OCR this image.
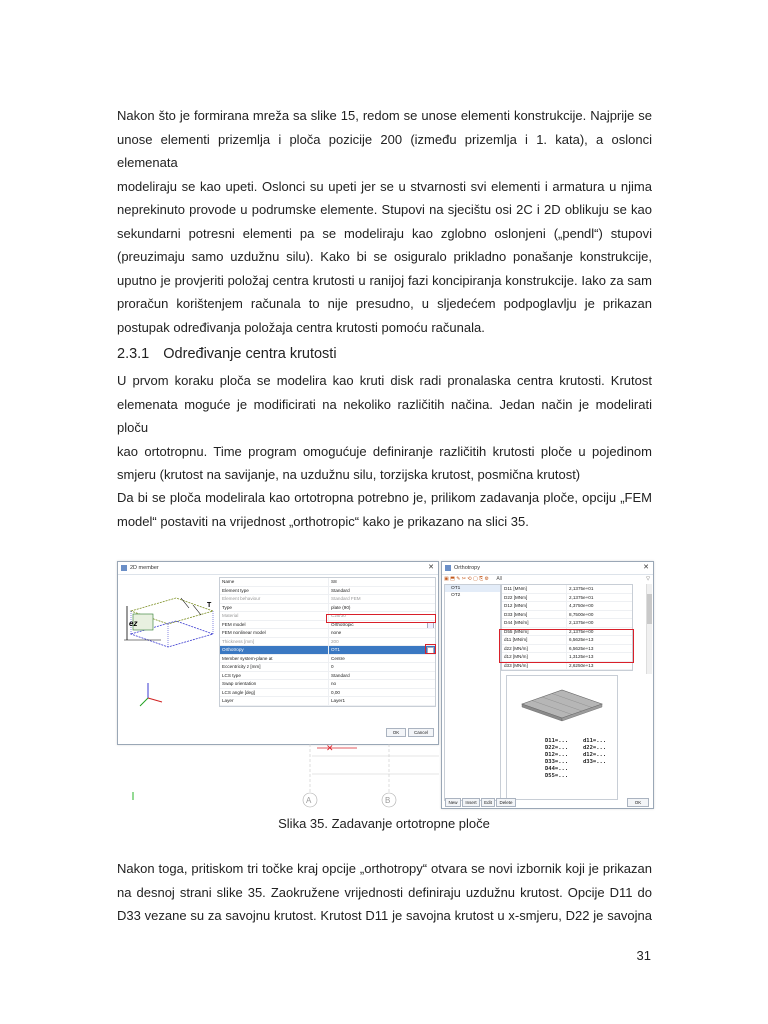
Nakon što je formirana mreža sa slike 15, redom se unose elementi konstrukcije. Najprije se
unose elementi prizemlja i ploča pozicije 200 (između prizemlja i 1. kata), a oslonci elemenata
modeliraju se kao upeti. Oslonci su upeti jer se u stvarnosti svi elementi i armatura u njima
neprekinuto provode u podrumske elemente. Stupovi na sjecištu osi 2C i 2D oblikuju se kao
sekundarni potresni elementi pa se modeliraju kao zglobno oslonjeni („pendl“) stupovi
(preuzimaju samo uzdužnu silu). Kako bi se osiguralo prikladno ponašanje konstrukcije,
uputno je provjeriti položaj centra krutosti u ranijoj fazi koncipiranja konstrukcije. Iako za sam
proračun korištenjem računala to nije presudno, u sljedećem podpoglavlju je prikazan
postupak određivanja položaja centra krutosti pomoću računala.
2.3.1 Određivanje centra krutosti
U prvom koraku ploča se modelira kao kruti disk radi pronalaska centra krutosti. Krutost
elemenata moguće je modificirati na nekoliko različitih načina. Jedan način je modelirati ploču
kao ortotropnu. Time program omogućuje definiranje različitih krutosti ploče u pojedinom
smjeru (krutost na savijanje, na uzdužnu silu, torzijska krutost, posmična krutost)
Da bi se ploča modelirala kao ortotropna potrebno je, prilikom zadavanja ploče, opciju „FEM
model“ postaviti na vrijednost „orthotropic“ kako je prikazano na slici 35.
2D member	✕
ez
T
Name	S8
Element type	Standard
Element behaviour	Standard FEM
Type	plate (90)
Material	C25/30
FEM model	Orthotropic
FEM nonlinear model	none
Thickness [mm]	200
Orthotropy	OT1
Member system-plane at	Centre
Eccentricity z [mm]	0
LCS type	Standard
Swap orientation	no
LCS angle [deg]	0,00
Layer	Layer1
OK	Cancel
✕
A	B
Orthotropy	✕
▣ ⬒ ✎ ✂ ⟲ ▢ ⎘ ⚙ All	▽
OT1
OT2
D11 [MNm]	2,1375e+01
D22 [MNm]	2,1375e+01
D12 [MNm]	4,3750e+00
D33 [MNm]	8,7500e+00
D44 [MN/m]	2,1375e+00
D55 [MN/m]	2,1375e+00
d11 [MN/m]	6,5625e+13
d22 [MN/m]	6,5625e+13
d12 [MN/m]	1,3125e+13
d33 [MN/m]	2,6250e+13
D11=...
D22=...
D12=...
D33=...
D44=...
D55=...
d11=...
d22=...
d12=...
d33=...
New	Insert	Edit	Delete	OK
Slika 35. Zadavanje ortotropne ploče
Nakon toga, pritiskom tri točke kraj opcije „orthotropy“ otvara se novi izbornik koji je prikazan
na desnoj strani slike 35. Zaokružene vrijednosti definiraju uzdužnu krutost. Opcije D11 do
D33 vezane su za savojnu krutost. Krutost D11 je savojna krutost u x-smjeru, D22 je savojna
31
